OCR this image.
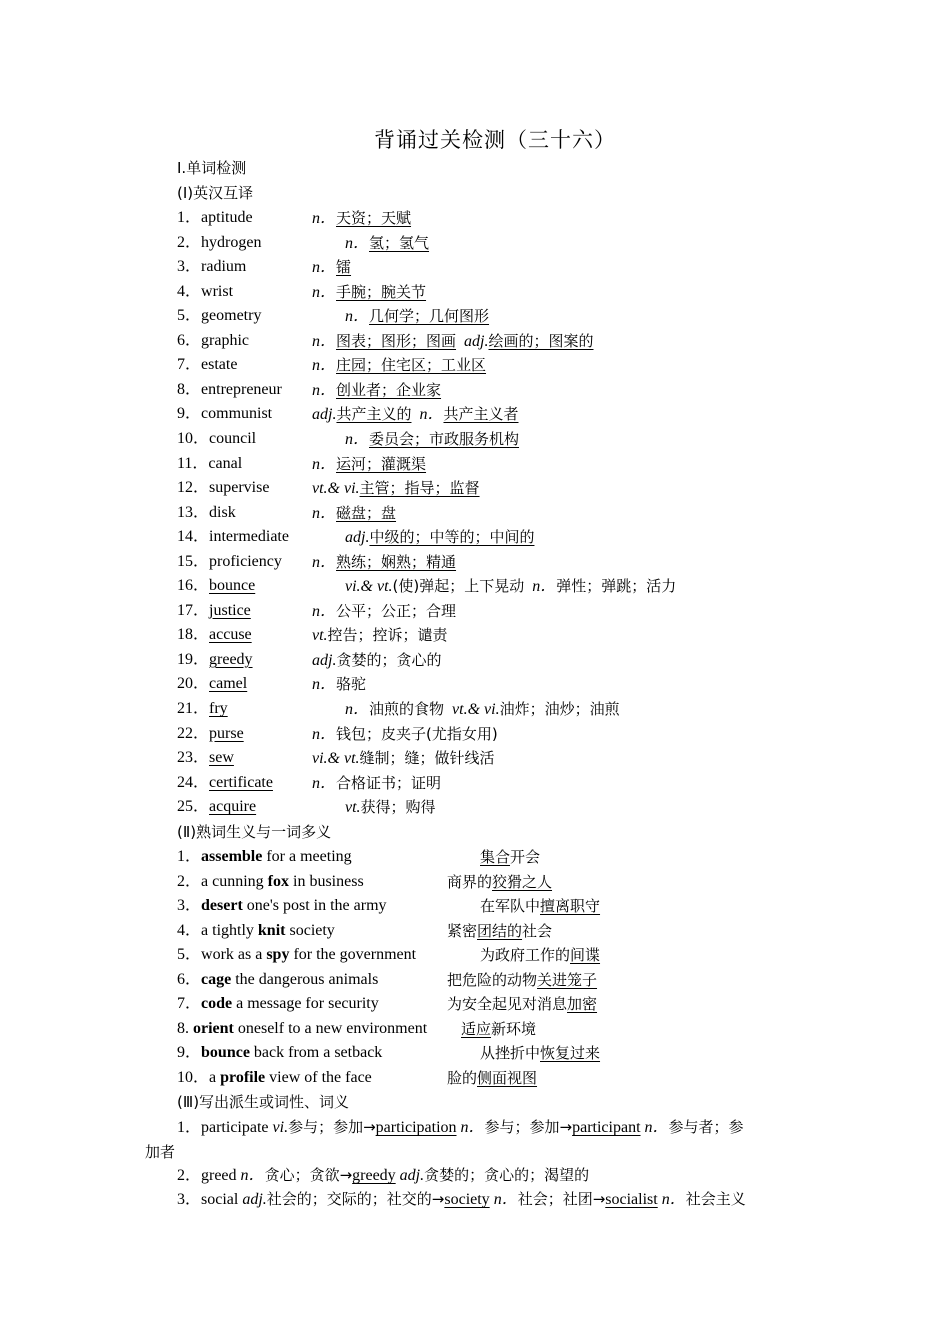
背诵过关检测（三十六）
Ⅰ.单词检测
(Ⅰ)英汉互译
1．aptitude	n．天资；天赋
2．hydrogen	n．氢；氢气
3．radium	n．镭
4．wrist	n．手腕；腕关节
5．geometry	n．几何学；几何图形
6．graphic	n．图表；图形；图画 adj.绘画的；图案的
7．estate	n．庄园；住宅区；工业区
8．entrepreneur n．创业者；企业家
9．communist adj.共产主义的 n．共产主义者
10．council	n．委员会；市政服务机构
11．canal	n．运河；灌溉渠
12．supervise	vt.& vi.主管；指导；监督
13．disk	n．磁盘；盘
14．intermediate	adj.中级的；中等的；中间的
15．proficiency n．熟练；娴熟；精通
16．bounce	vi.& vt.(使)弹起；上下晃动 n．弹性；弹跳；活力
17．justice	n．公平；公正；合理
18．accuse	vt.控告；控诉；谴责
19．greedy	adj.贪婪的；贪心的
20．camel	n．骆驼
21．fry	n．油煎的食物 vt.& vi.油炸；油炒；油煎
22．purse	n．钱包；皮夹子(尤指女用)
23．sew	vi.& vt.缝制；缝；做针线活
24．certificate n．合格证书；证明
25．acquire	vt.获得；购得
(Ⅱ)熟词生义与一词多义
1．assemble for a meeting	集合开会
2．a cunning fox in business	商界的狡猾之人
3．desert one's post in the army	在军队中擅离职守
4．a tightly knit society	紧密团结的社会
5．work as a spy for the government	为政府工作的间谍
6．cage the dangerous animals	把危险的动物关进笼子
7．code a message for security	为安全起见对消息加密
8. orient oneself to a new environment 适应新环境
9．bounce back from a setback	从挫折中恢复过来
10．a profile view of the face	脸的侧面视图
(Ⅲ)写出派生或词性、词义
1．participate vi.参与；参加→participation n．参与；参加→participant n．参与者；参
加者
2．greed n．贪心；贪欲→greedy adj.贪婪的；贪心的；渴望的
3．social adj.社会的；交际的；社交的→society n．社会；社团→socialist n．社会主义
